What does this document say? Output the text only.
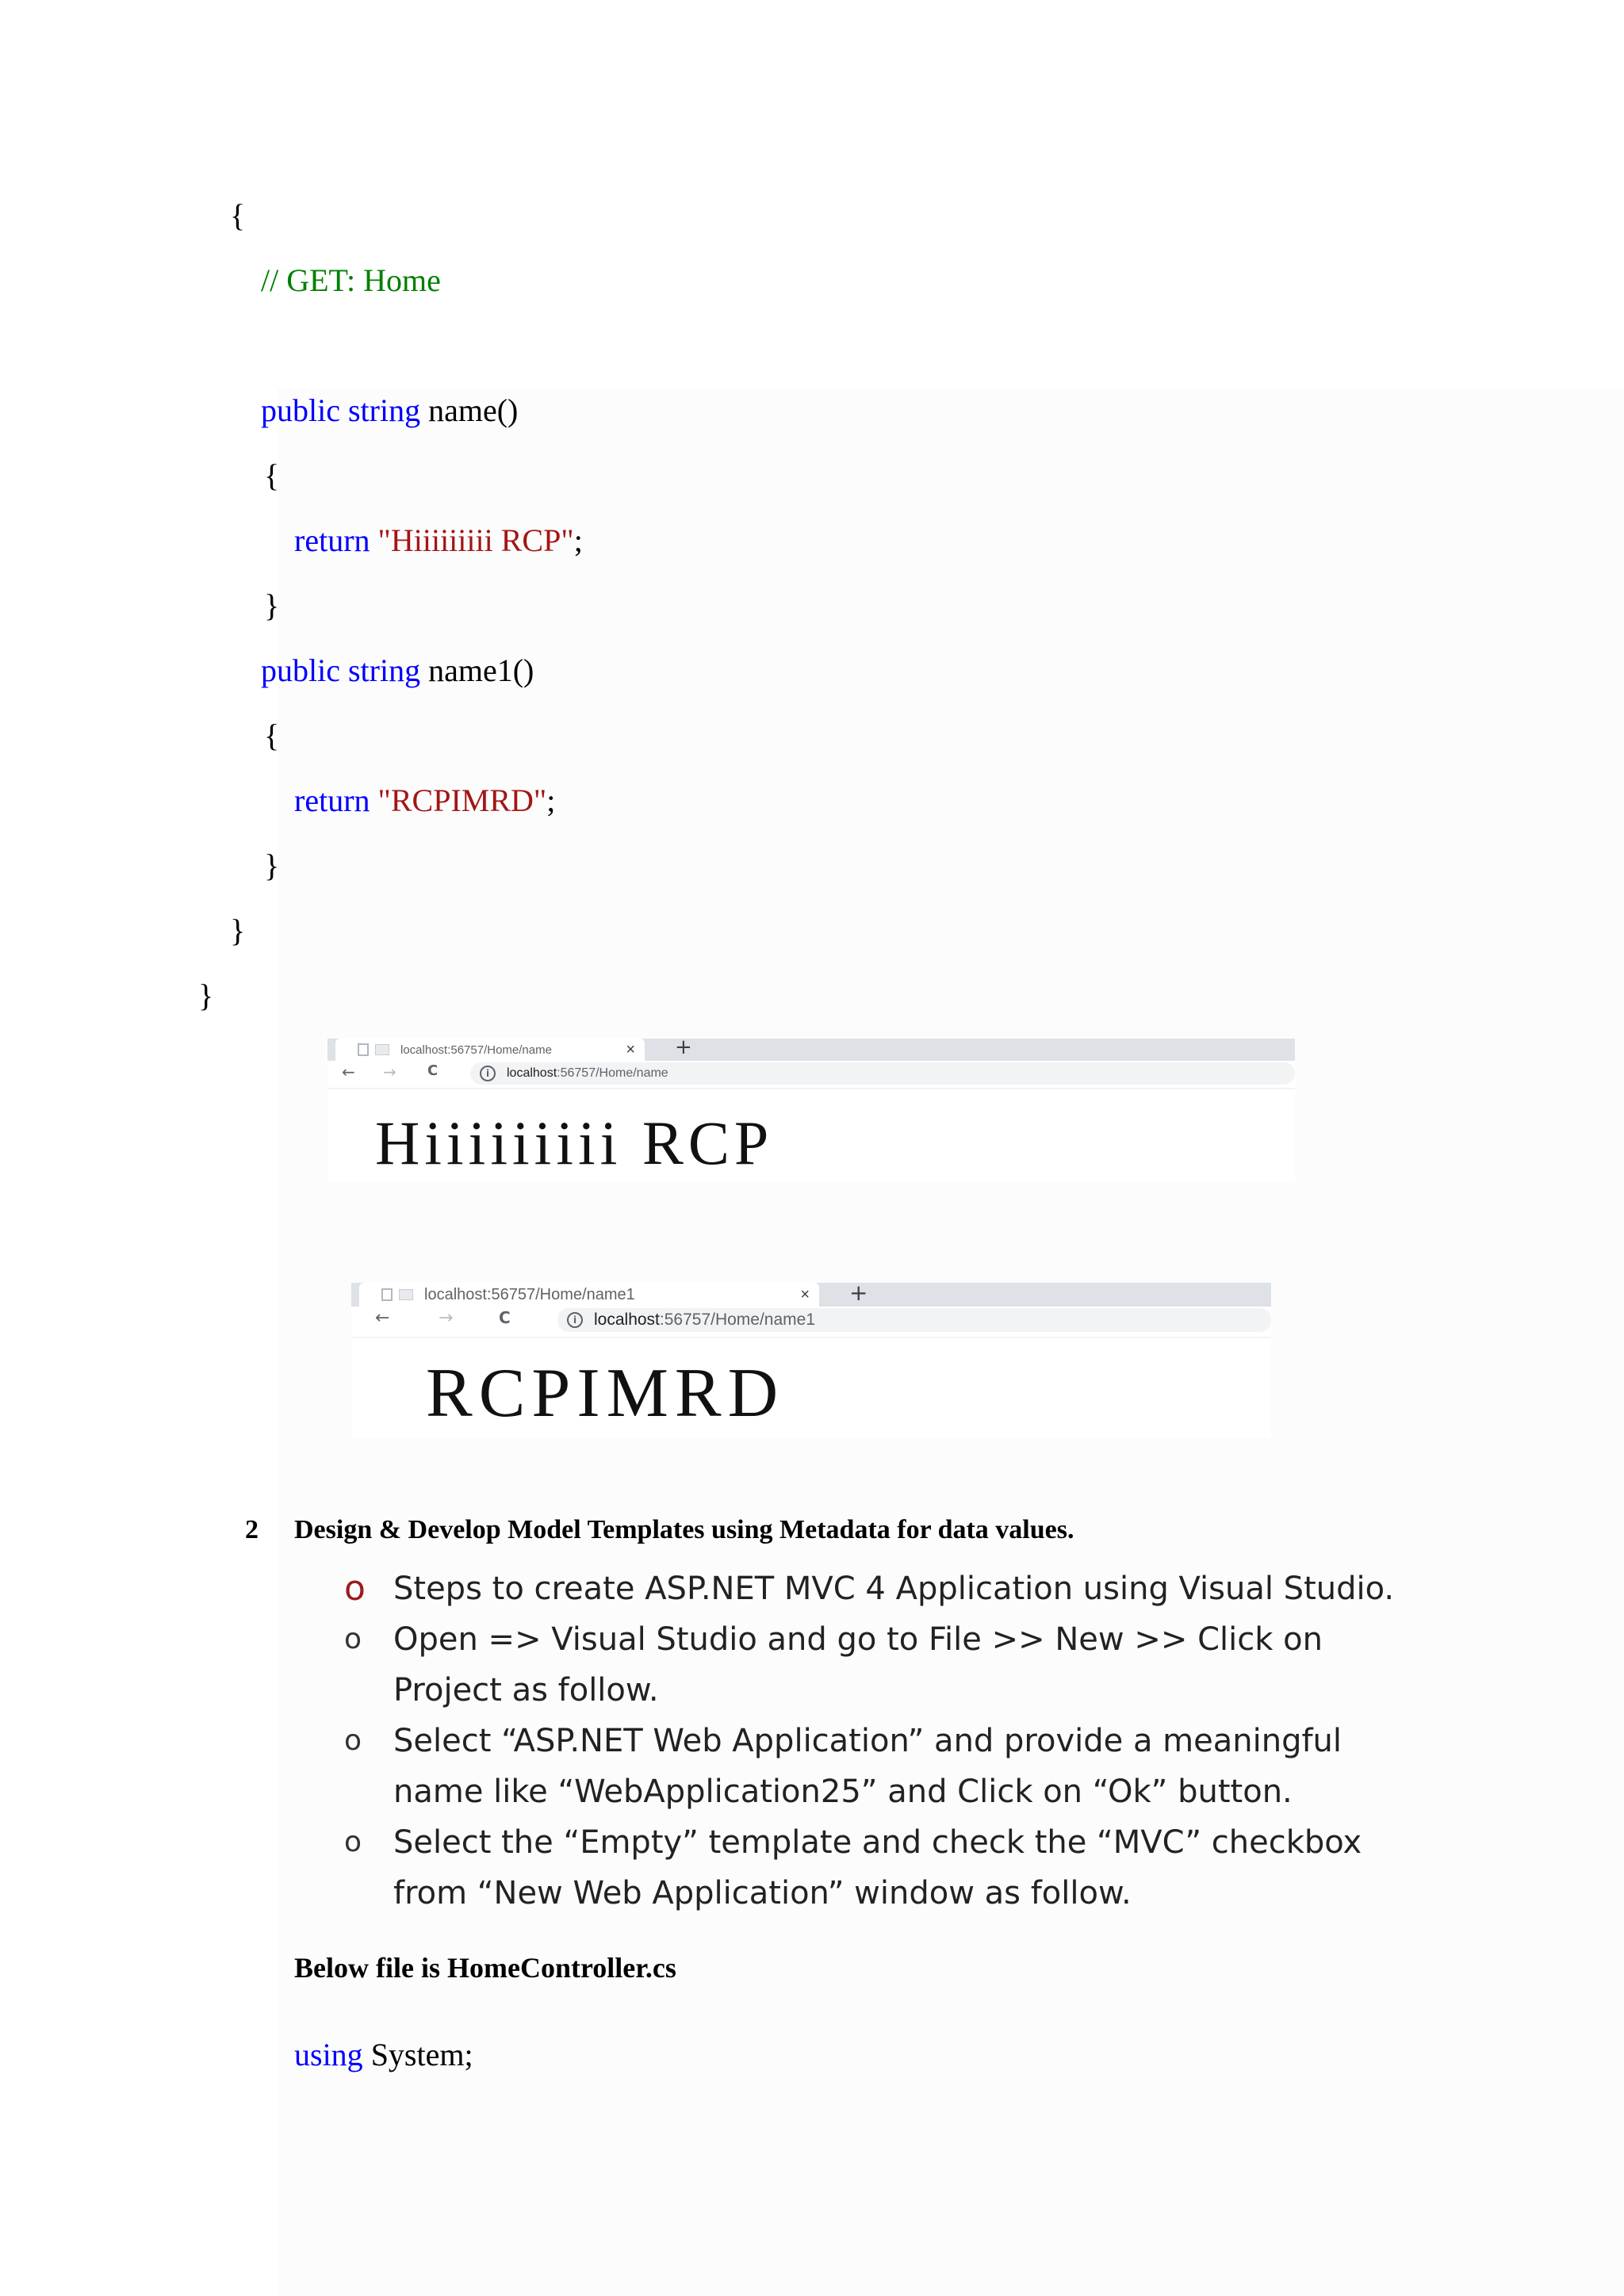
{
// GET: Home
public string name()
{
return "Hiiiiiiiii RCP";
}
public string name1()
{
return "RCPIMRD";
}
}
}
localhost:56757/Home/name	× +
← → C	i	localhost :56757/Home/name
Hiiiiiiiii RCP
localhost:56757/Home/name1	× +
←	→	C	i	localhost :56757/Home/name1
RCPIMRD
2 Design & Develop Model Templates using Metadata for data values.
o Steps to create ASP.NET MVC 4 Application using Visual Studio.
o Open => Visual Studio and go to File >> New >> Click on Project as follow.
o Select “ASP.NET Web Application” and provide a meaningful name like “WebApplication25” and Click on “Ok” button.
o Select the “Empty” template and check the “MVC” checkbox from “New Web Application” window as follow.
Below file is HomeController.cs
using System;
